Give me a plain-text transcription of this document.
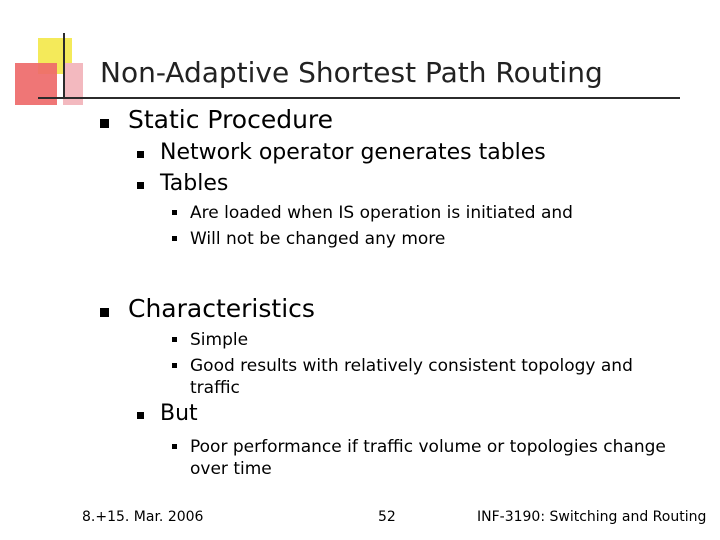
Non-Adaptive Shortest Path Routing
Static Procedure
Network operator generates tables
Tables
Are loaded when IS operation is initiated and
Will not be changed any more
Characteristics
Simple
Good results with relatively consistent topology and
traffic
But
Poor performance if traffic volume or topologies change
over time
8.+15. Mar. 2006	52	INF-3190: Switching and Routing
